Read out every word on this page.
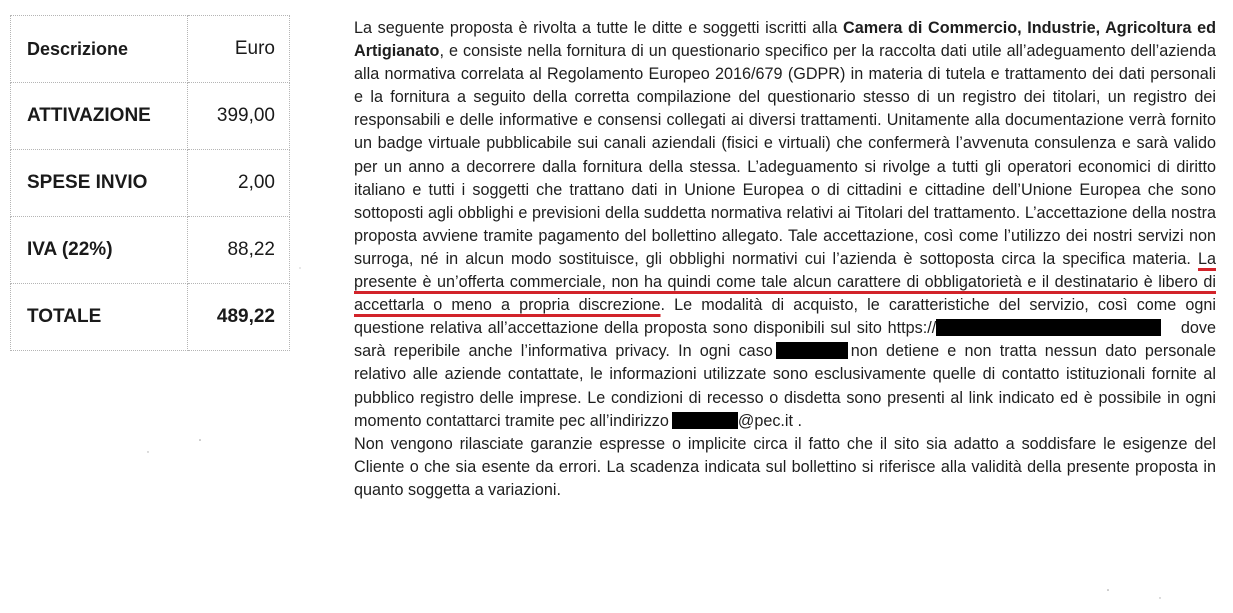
Descrizione	Euro
ATTIVAZIONE	399,00
SPESE INVIO	2,00
IVA (22%)	88,22
TOTALE	489,22

La seguente proposta è rivolta a tutte le ditte e soggetti iscritti alla Camera di Commercio, Industrie, Agricoltura ed Artigianato, e consiste nella fornitura di un questionario specifico per la raccolta dati utile all’adeguamento dell’azienda alla normativa correlata al Regolamento Europeo 2016/679 (GDPR) in materia di tutela e trattamento dei dati personali e la fornitura a seguito della corretta compilazione del questionario stesso di un registro dei titolari, un registro dei responsabili e delle informative e consensi collegati ai diversi trattamenti. Unitamente alla documentazione verrà fornito un badge virtuale pubblicabile sui canali aziendali (fisici e virtuali) che confermerà l’avvenuta consulenza e sarà valido per un anno a decorrere dalla fornitura della stessa. L’adeguamento si rivolge a tutti gli operatori economici di diritto italiano e tutti i soggetti che trattano dati in Unione Europea o di cittadini e cittadine dell’Unione Europea che sono sottoposti agli obblighi e previsioni della suddetta normativa relativi ai Titolari del trattamento. L’accettazione della nostra proposta avviene tramite pagamento del bollettino allegato. Tale accettazione, così come l’utilizzo dei nostri servizi non surroga, né in alcun modo sostituisce, gli obblighi normativi cui l’azienda è sottoposta circa la specifica materia. La presente è un’offerta commerciale, non ha quindi come tale alcun carattere di obbligatorietà e il destinatario è libero di accettarla o meno a propria discrezione. Le modalità di acquisto, le caratteristiche del servizio, così come ogni questione relativa all’accettazione della proposta sono disponibili sul sito https://	dove sarà reperibile anche l’informativa privacy. In ogni caso	non detiene e non tratta nessun dato personale relativo alle aziende contattate, le informazioni utilizzate sono esclusivamente quelle di contatto istituzionali fornite al pubblico registro delle imprese. Le condizioni di recesso o disdetta sono presenti al link indicato ed è possibile in ogni momento contattarci tramite pec all’indirizzo	@pec.it .

Non vengono rilasciate garanzie espresse o implicite circa il fatto che il sito sia adatto a soddisfare le esigenze del Cliente o che sia esente da errori. La scadenza indicata sul bollettino si riferisce alla validità della presente proposta in quanto soggetta a variazioni.
